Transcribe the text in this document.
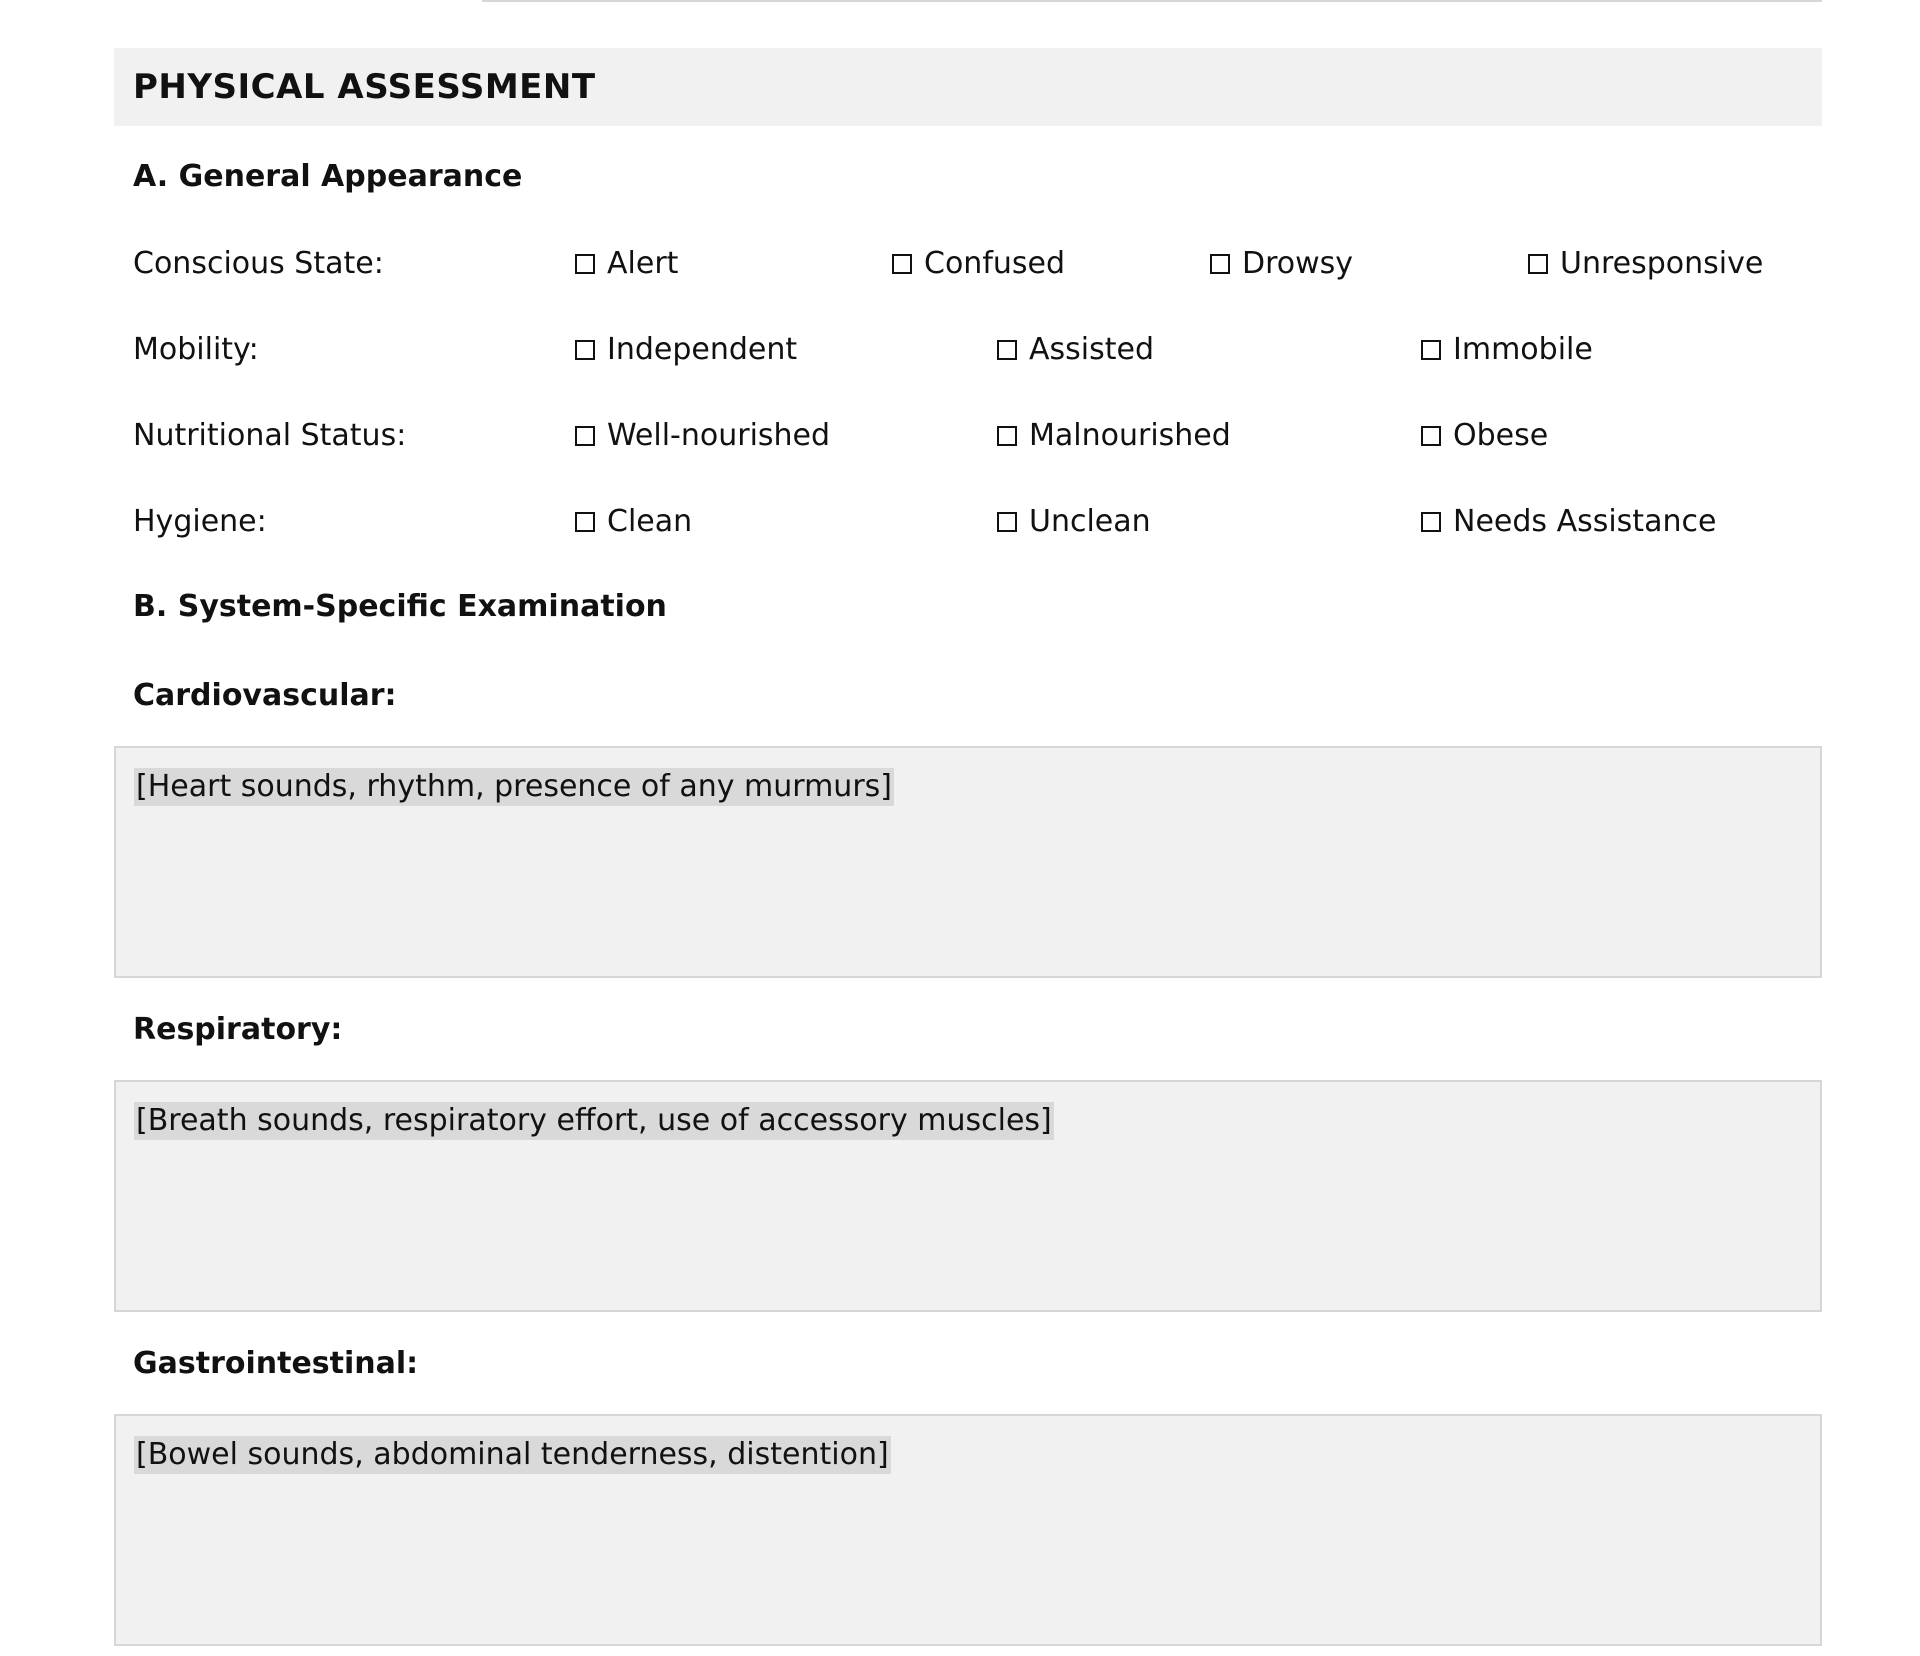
PHYSICAL ASSESSMENT
A. General Appearance
Conscious State:	Alert	Confused	Drowsy	Unresponsive
Mobility:	Independent	Assisted	Immobile
Nutritional Status:	Well-nourished	Malnourished	Obese
Hygiene:	Clean	Unclean	Needs Assistance
B. System-Specific Examination
Cardiovascular:
[Heart sounds, rhythm, presence of any murmurs]
Respiratory:
[Breath sounds, respiratory effort, use of accessory muscles]
Gastrointestinal:
[Bowel sounds, abdominal tenderness, distention]
